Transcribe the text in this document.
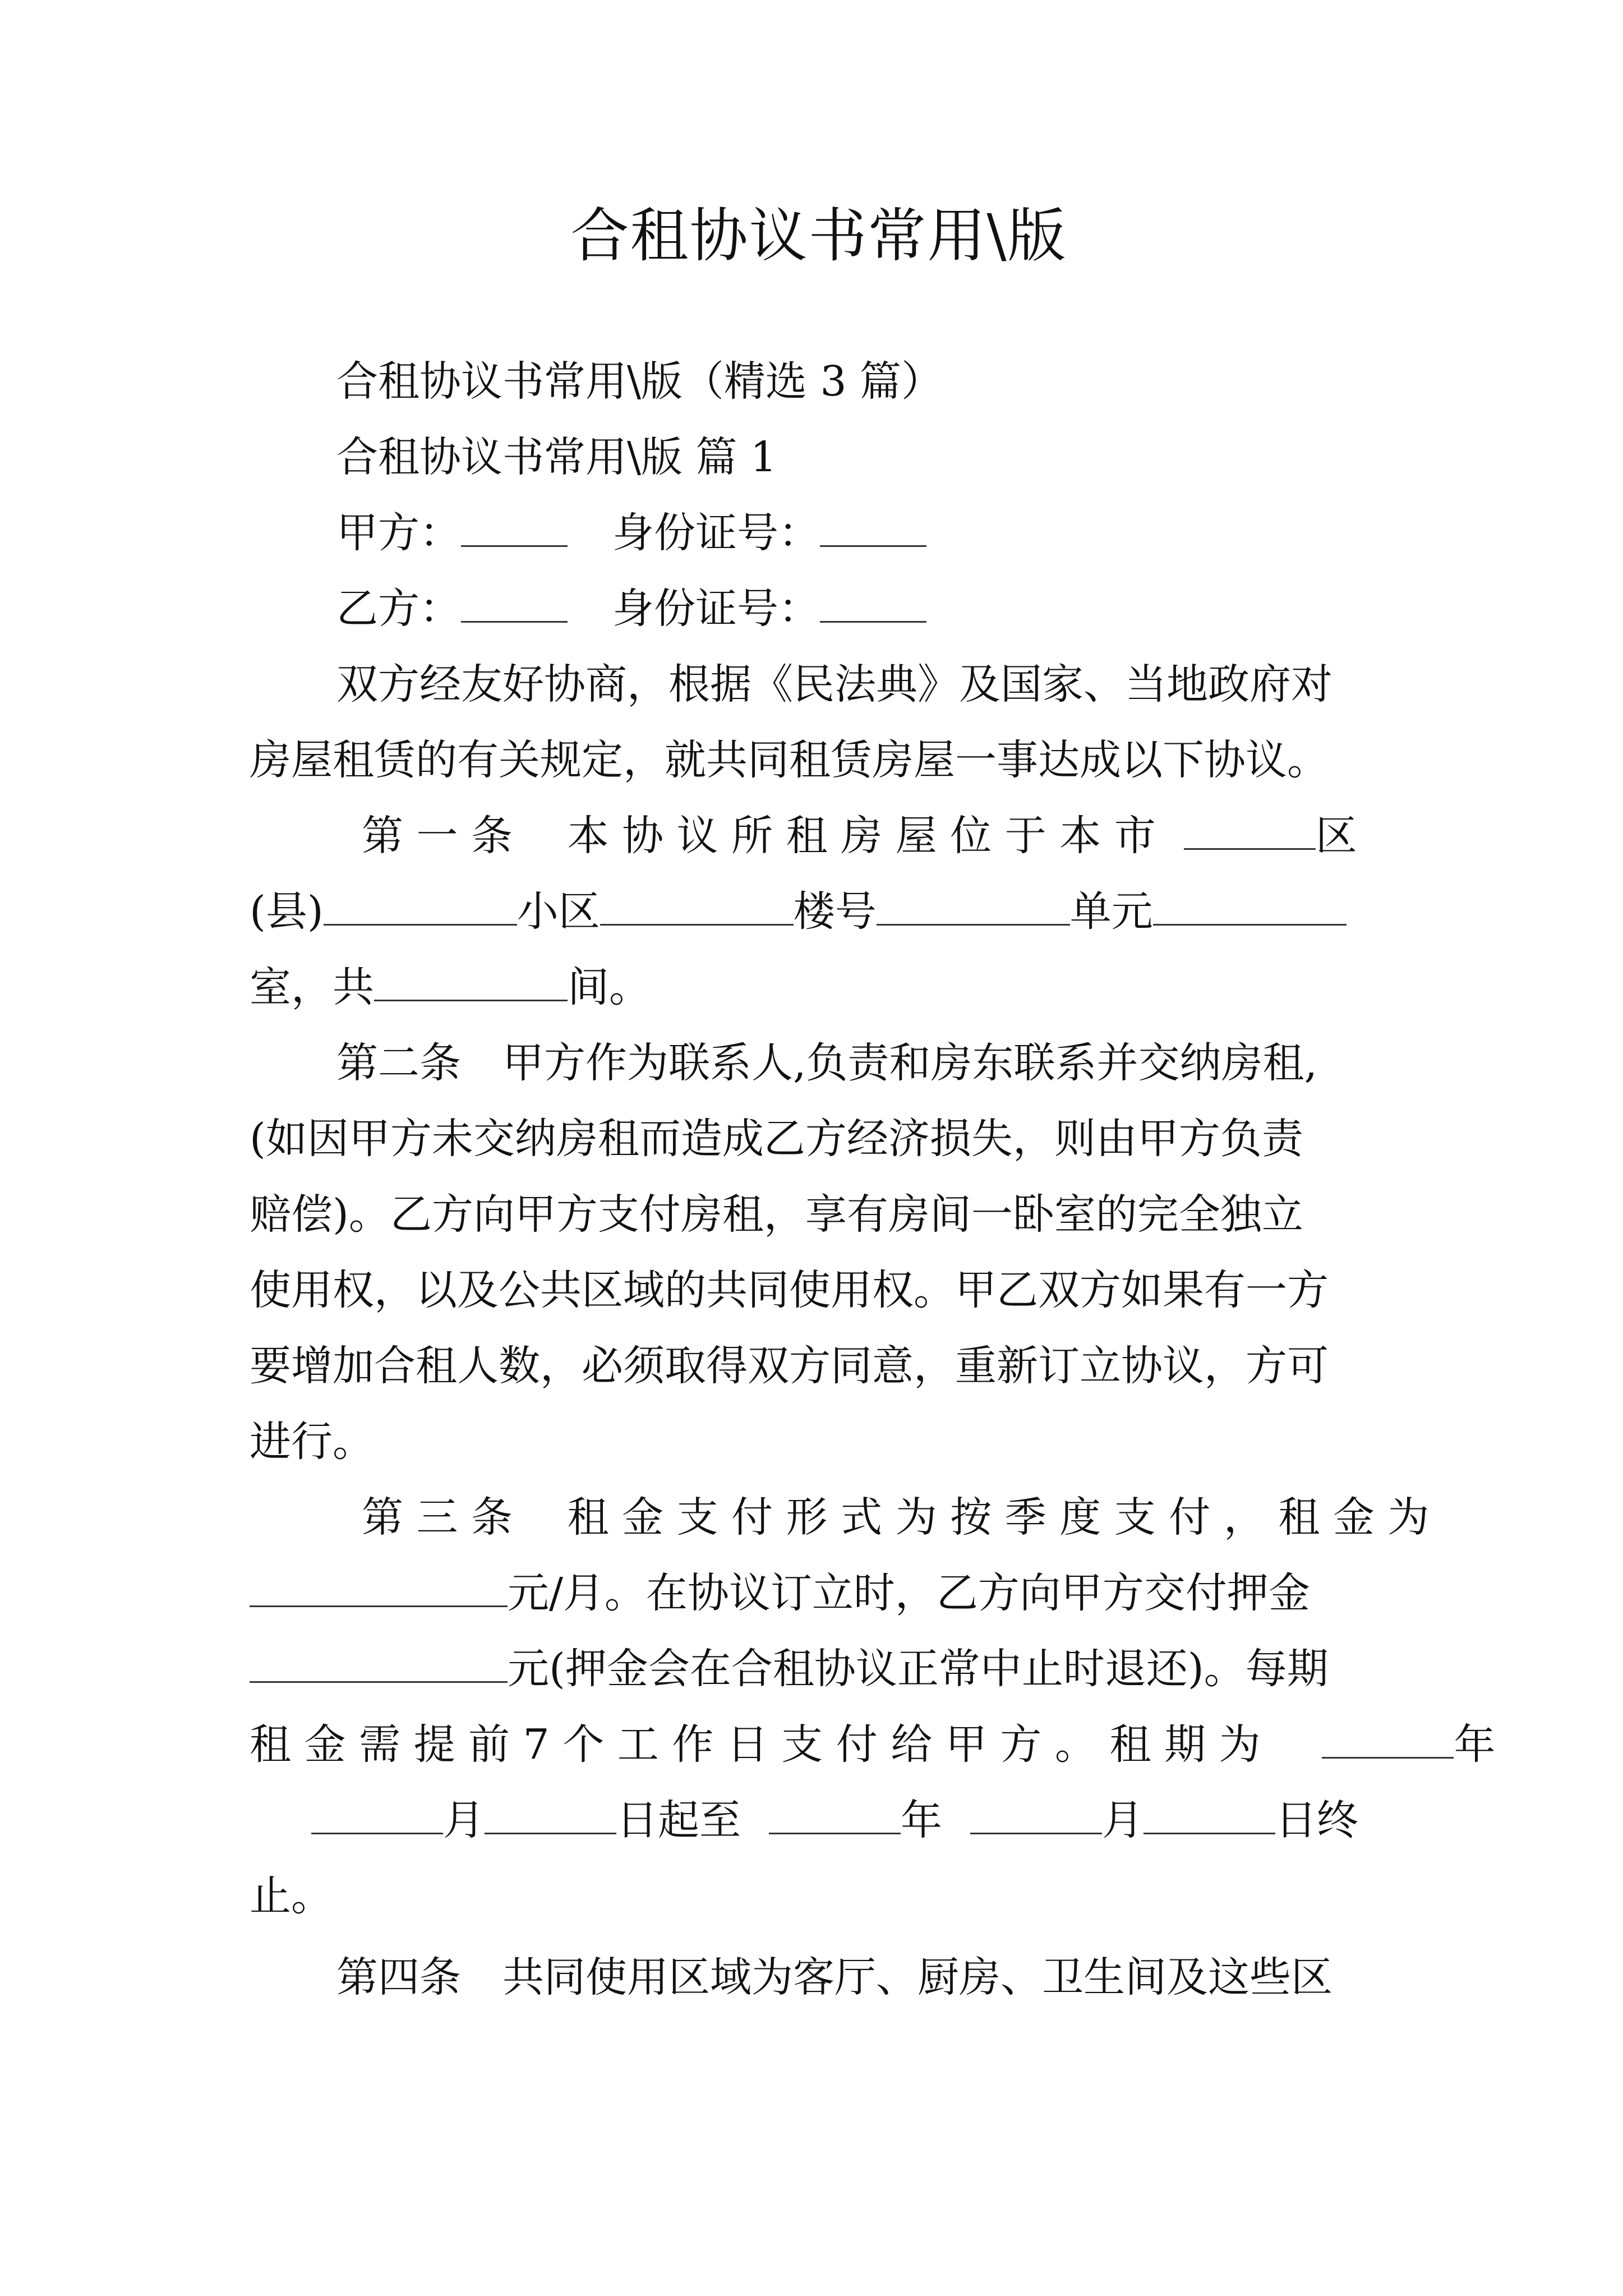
合租协议书常用\版
合租协议书常用\版（精选 3 篇）
合租协议书常用\版 篇 1
甲方：	身份证号：
乙方：	身份证号：
双方经友好协商，根据《民法典》及国家、当地政府对
房屋租赁的有关规定，就共同租赁房屋一事达成以下协议。
第 一 条　 本 协 议 所 租 房 屋 位 于 本 市	区
(县)	小区	楼号	单元
室，共	间。
第二条　甲方作为联系人,负责和房东联系并交纳房租,
(如因甲方未交纳房租而造成乙方经济损失，则由甲方负责
赔偿)。乙方向甲方支付房租，享有房间一卧室的完全独立
使用权，以及公共区域的共同使用权。甲乙双方如果有一方
要增加合租人数，必须取得双方同意，重新订立协议，方可
进行。
第 三 条　 租 金 支 付 形 式 为 按 季 度 支 付 ， 租 金 为
元/月。在协议订立时，乙方向甲方交付押金
元(押金会在合租协议正常中止时退还)。每期
租 金 需 提 前 7 个 工 作 日 支 付 给 甲 方 。 租 期 为	年
月	日起至	年	月	日终
止。
第四条　共同使用区域为客厅、厨房、卫生间及这些区
